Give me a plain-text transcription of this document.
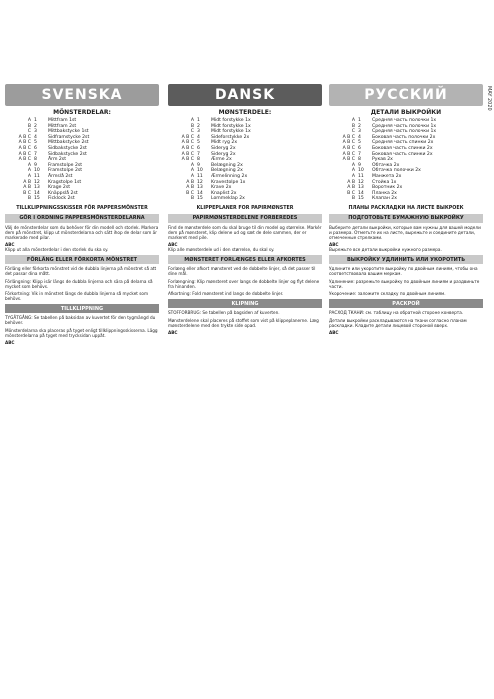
MAY 2020
SVENSKA
MÖNSTERDELAR:
A 1	Mittfram 1st
B 2	Mittfram 2st
C 3	Mittbakstycke 1st
A B C 4	Sidframstycke 2st
A B C 5	Mittbakstycke 2st
A B C 6	Sidbakstycke 2st
A B C 7	Sidbakstycke 2st
A B C 8	Ärm 2st
A 9	Framstolpe 2st
A 10	Framstolpe 2st
A 11	Ärmslå 2st
A B 12	Kragstolpe 1st
A B 13	Krage 2st
B C 14	Knäppslå 2st
B 15	Ficklock 2st
TILLKLIPPNINGSSKISSER FÖR PAPPERSMÖNSTER
GÖR I ORDNING PAPPERSMÖNSTERDELARNA

Välj de mönsterdelar som du behöver för din modell och storlek. Markera dem på mönstret, klipp ut mönsterdelarna och sätt ihop de delar som är markerade med pilar.

ABC

Klipp ut alla mönsterdelar i den storlek du ska sy.

FÖRLÄNG ELLER FÖRKORTA MÖNSTRET

Förläng eller förkorta mönstret vid de dubbla linjerna på mönstret så att det passar dina mått.

Förlängning: Klipp isär längs de dubbla linjerna och sära på delarna så mycket som behövs.

Förkortning: Vik in mönstret längs de dubbla linjerna så mycket som behövs.

TILLKLIPPNING

TYGÅTGÅNG: Se tabellen på baksidan av kuvertet för den tygmängd du behöver.

Mönsterdelarna ska placeras på tyget enligt tillklippningsskisserna. Lägg mönsterdelarna på tyget med trycksidan uppåt.

ABC
DANSK
MØNSTERDELE:
A 1	Midt forstykke 1x
B 2	Midt forstykke 1x
C 3	Midt forstykke 1x
A B C 4	Sideforstykke 2x
A B C 5	Midt ryg 2x
A B C 6	Sideryg 2x
A B C 7	Sideryg 2x
A B C 8	Ærme 2x
A 9	Belægning 2x
A 10	Belægning 2x
A 11	Ærmelinning 2x
A B 12	Kravestolpe 1x
A B 13	Krave 2x
B C 14	Knaplist 2x
B 15	Lommeklap 2x
KLIPPEPLANER FOR PAPIRMØNSTER
PAPIRMØNSTERDELENE FORBEREDES

Find de mønsterdele som du skal bruge til din model og størrelse. Markér dem på mønsteret, klip delene ud og sæt de dele sammen, der er markeret med pile.

ABC

Klip alle mønsterdele ud i den størrelse, du skal sy.

MØNSTERET FORLÆNGES ELLER AFKORTES

Forlæng eller afkort mønsteret ved de dobbelte linjer, så det passer til dine mål.

Forlængning: Klip mønsteret over langs de dobbelte linjer og flyt delene fra hinanden.

Afkortning: Fold mønsteret ind langs de dobbelte linjer.

KLIPNING

STOFFORBRUG: Se tabellen på bagsiden af kuverten.

Mønsterdelene skal placeres på stoffet som vist på klippeplanerne. Læg mønsterdelene med den trykte side opad.

ABC
РУССКИЙ
ДЕТАЛИ ВЫКРОЙКИ
A 1	Средняя часть полочки 1x
B 2	Средняя часть полочки 1x
C 3	Средняя часть полочки 1x
A B C 4	Боковая часть полочки 2x
A B C 5	Средняя часть спинки 2x
A B C 6	Боковая часть спинки 2x
A B C 7	Боковая часть спинки 2x
A B C 8	Рукав 2x
A 9	Обтачка 2x
A 10	Обтачка полочки 2x
A 11	Манжета 2x
A B 12	Стойка 1x
A B 13	Воротник 2x
B C 14	Планка 2x
B 15	Клапан 2x
ПЛАНЫ РАСКЛАДКИ НА ЛИСТЕ ВЫКРОЕК
ПОДГОТОВЬТЕ БУМАЖНУЮ ВЫКРОЙКУ

Выберите детали выкройки, которые вам нужны для вашей модели и размера. Отметьте их на листе, вырежьте и соедините детали, отмеченные стрелками.

ABC

Вырежьте все детали выкройки нужного размера.

ВЫКРОЙКУ УДЛИНИТЬ ИЛИ УКОРОТИТЬ

Удлините или укоротите выкройку по двойным линиям, чтобы она соответствовала вашим меркам.

Удлинение: разрежьте выкройку по двойным линиям и раздвиньте части.

Укорочение: заложите складку по двойным линиям.

РАСКРОЙ

РАСХОД ТКАНИ: см. таблицу на обратной стороне конверта.

Детали выкройки раскладываются на ткани согласно планам раскладки. Кладите детали лицевой стороной вверх.

ABC
